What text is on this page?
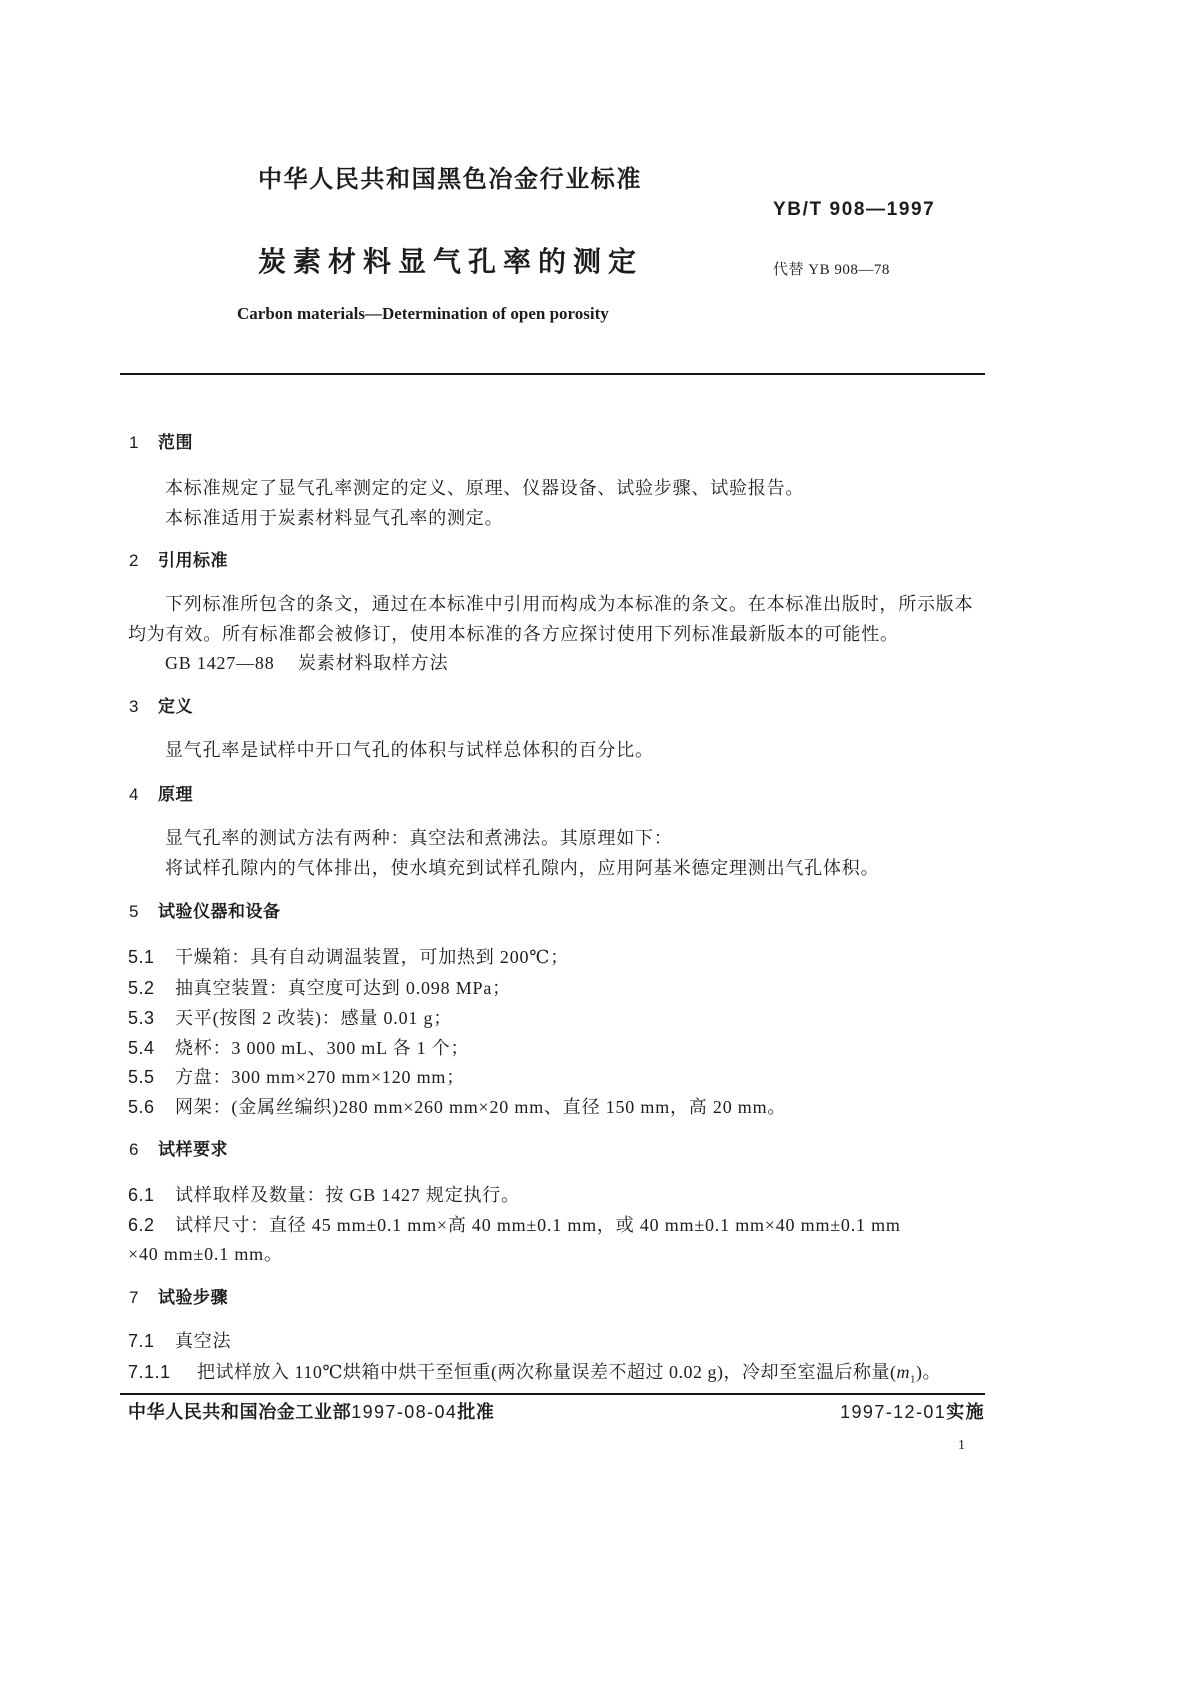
中华人民共和国黑色冶金行业标准
YB/T 908—1997
炭素材料显气孔率的测定	代替 YB 908—78
Carbon materials—Determination of open porosity
1 范围
本标准规定了显气孔率测定的定义、原理、仪器设备、试验步骤、试验报告。
本标准适用于炭素材料显气孔率的测定。
2 引用标准
下列标准所包含的条文，通过在本标准中引用而构成为本标准的条文。在本标准出版时，所示版本
均为有效。所有标准都会被修订，使用本标准的各方应探讨使用下列标准最新版本的可能性。
GB 1427—88 炭素材料取样方法
3 定义
显气孔率是试样中开口气孔的体积与试样总体积的百分比。
4 原理
显气孔率的测试方法有两种：真空法和煮沸法。其原理如下：
将试样孔隙内的气体排出，使水填充到试样孔隙内，应用阿基米德定理测出气孔体积。
5 试验仪器和设备
5.1 干燥箱：具有自动调温装置，可加热到 200℃；
5.2 抽真空装置：真空度可达到 0.098 MPa；
5.3 天平(按图 2 改装)：感量 0.01 g；
5.4 烧杯：3 000 mL、300 mL 各 1 个；
5.5 方盘：300 mm×270 mm×120 mm；
5.6 网架：(金属丝编织)280 mm×260 mm×20 mm、直径 150 mm，高 20 mm。
6 试样要求
6.1 试样取样及数量：按 GB 1427 规定执行。
6.2 试样尺寸：直径 45 mm±0.1 mm×高 40 mm±0.1 mm，或 40 mm±0.1 mm×40 mm±0.1 mm
×40 mm±0.1 mm。
7 试验步骤
7.1 真空法
7.1.1 把试样放入 110℃烘箱中烘干至恒重(两次称量误差不超过 0.02 g)，冷却至室温后称量$(m_1)$。
中华人民共和国冶金工业部1997-08-04批准	1997-12-01实施
1
